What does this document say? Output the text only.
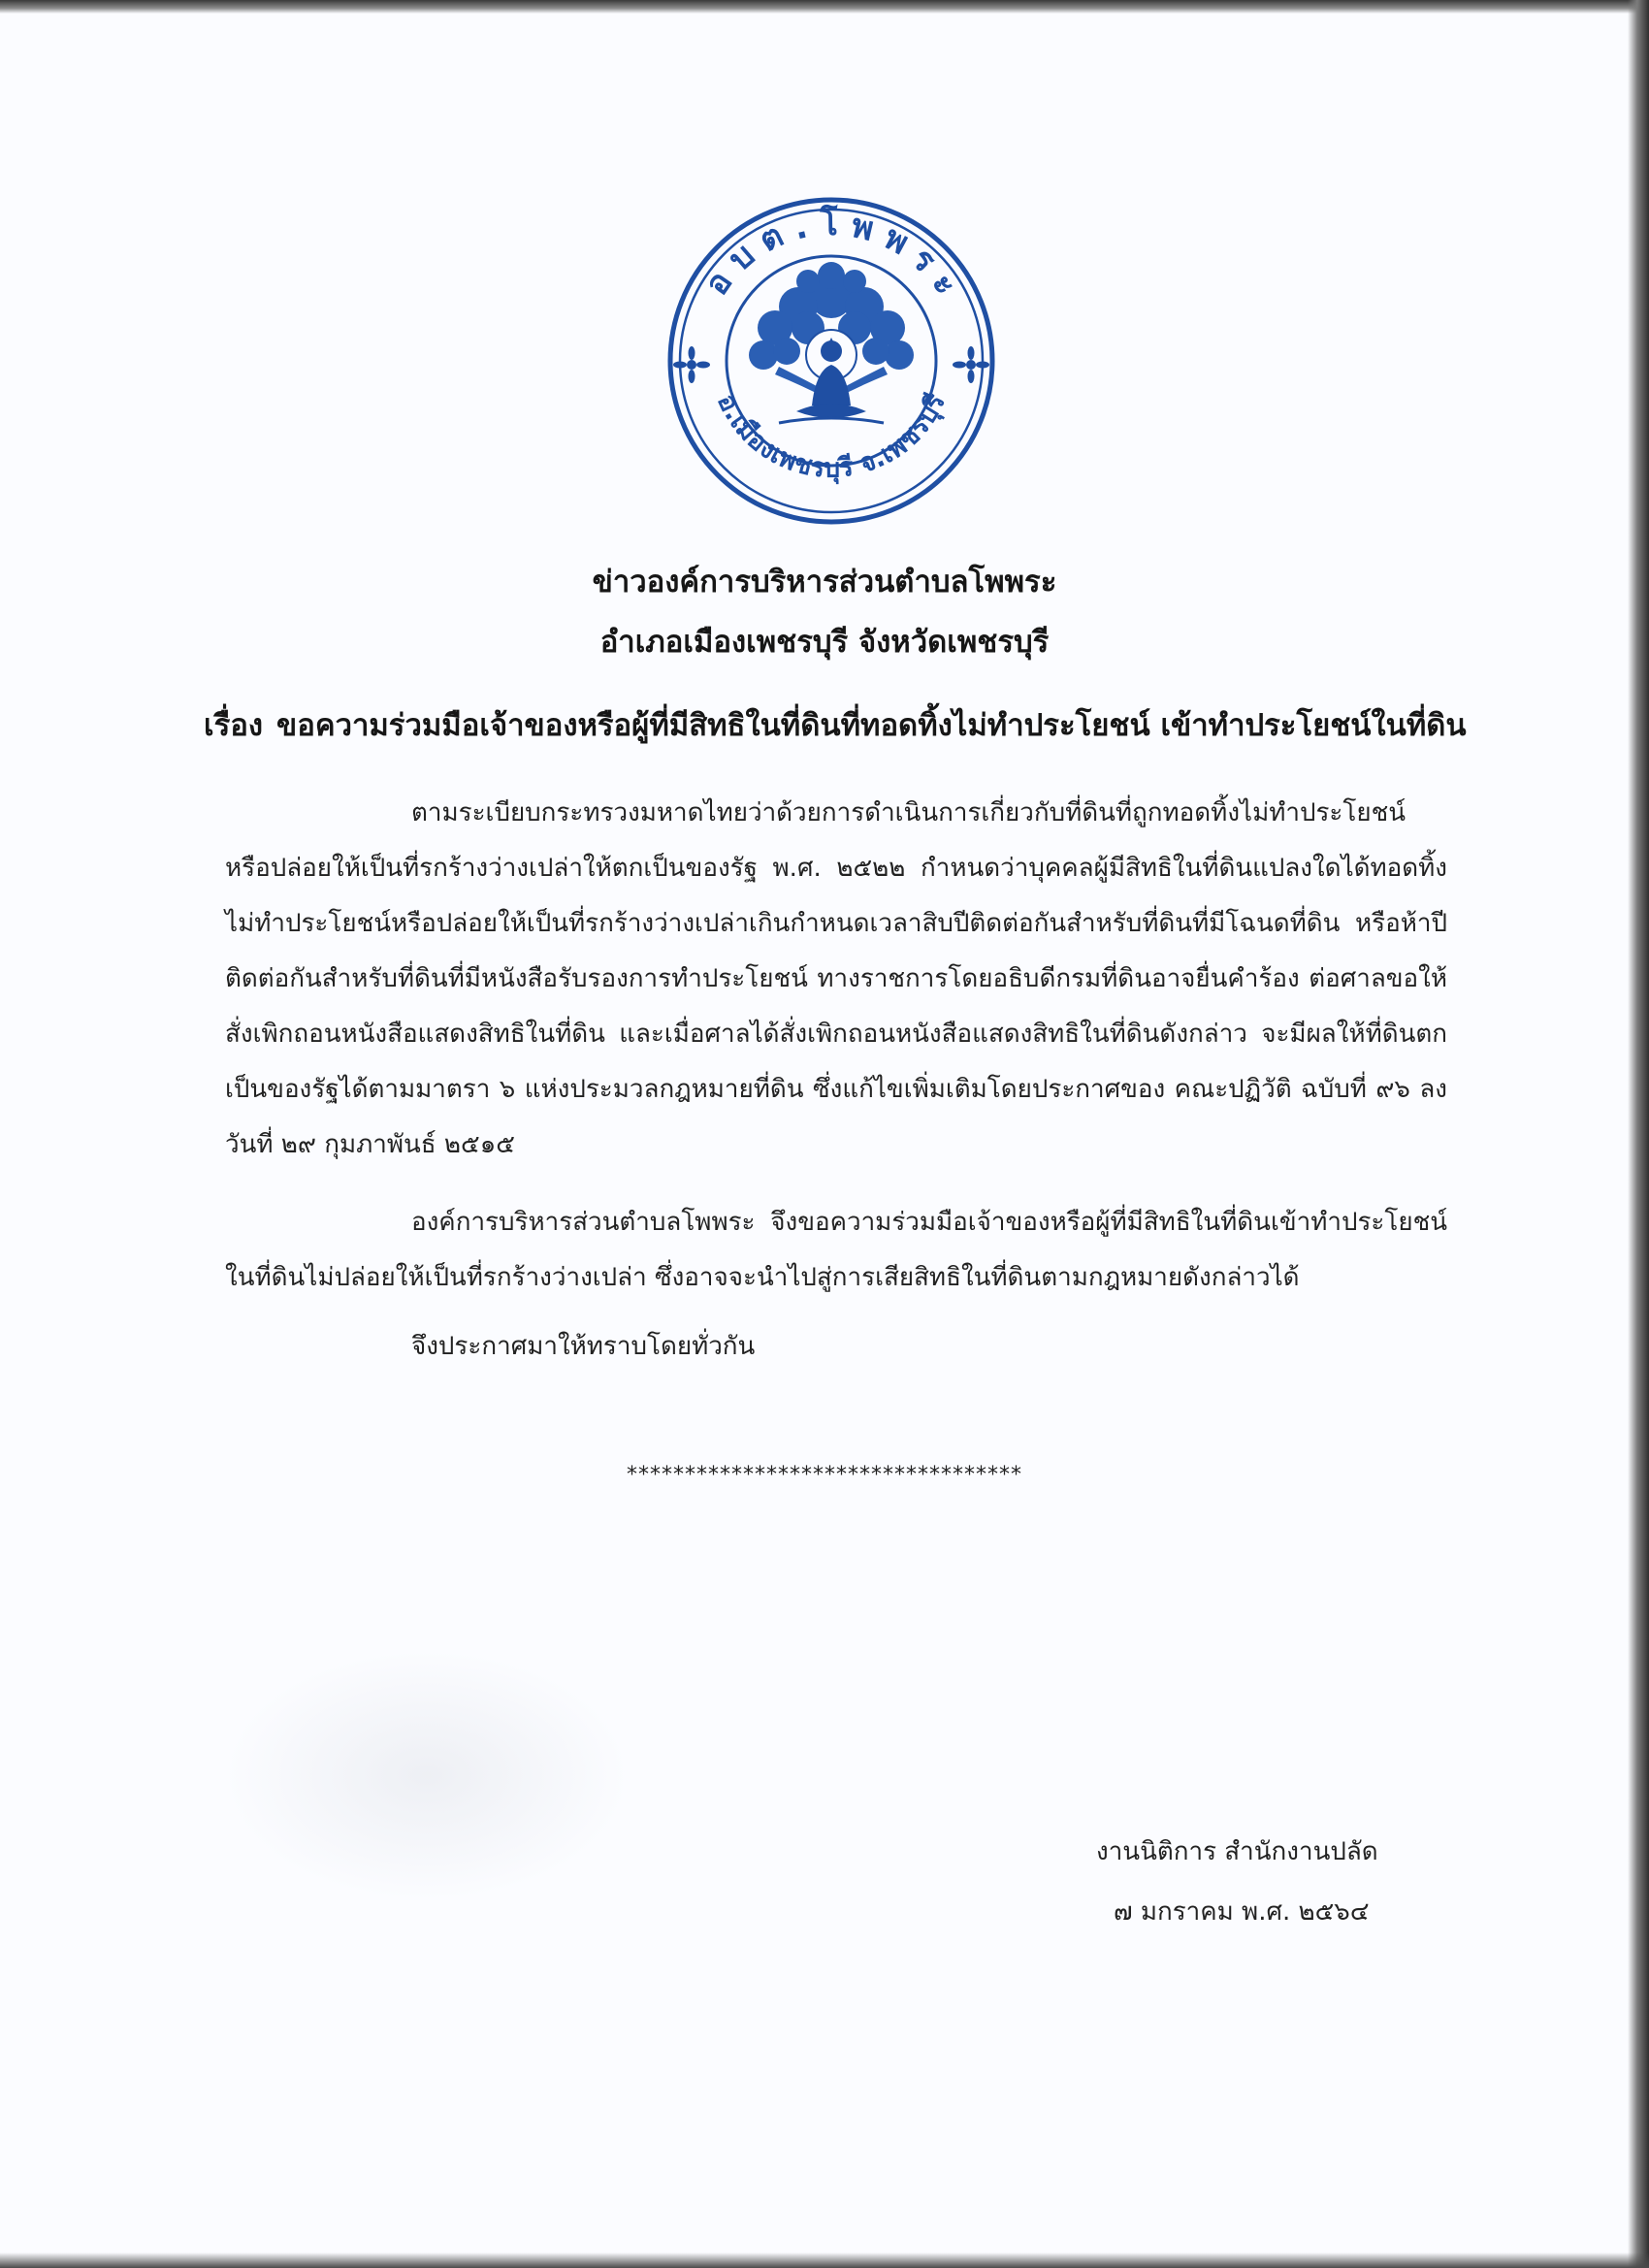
อ บ ต . โ พ พ ร ะ
อ.เมืองเพชรบุรี จ.เพชรบุรี
ข่าวองค์การบริหารส่วนตำบลโพพระ
อำเภอเมืองเพชรบุรี จังหวัดเพชรบุรี
เรื่อง ขอความร่วมมือเจ้าของหรือผู้ที่มีสิทธิในที่ดินที่ทอดทิ้งไม่ทำประโยชน์ เข้าทำประโยชน์ในที่ดิน
ตามระเบียบกระทรวงมหาดไทยว่าด้วยการดำเนินการเกี่ยวกับที่ดินที่ถูกทอดทิ้งไม่ทำประโยชน์ หรือปล่อยให้เป็นที่รกร้างว่างเปล่าให้ตกเป็นของรัฐ พ.ศ. ๒๕๒๒ กำหนดว่าบุคคลผู้มีสิทธิในที่ดินแปลงใดได้ทอดทิ้ง ไม่ทำประโยชน์หรือปล่อยให้เป็นที่รกร้างว่างเปล่าเกินกำหนดเวลาสิบปีติดต่อกันสำหรับที่ดินที่มีโฉนดที่ดิน หรือห้าปีติดต่อกันสำหรับที่ดินที่มีหนังสือรับรองการทำประโยชน์ ทางราชการโดยอธิบดีกรมที่ดินอาจยื่นคำร้อง ต่อศาลขอให้สั่งเพิกถอนหนังสือแสดงสิทธิในที่ดิน และเมื่อศาลได้สั่งเพิกถอนหนังสือแสดงสิทธิในที่ดินดังกล่าว จะมีผลให้ที่ดินตกเป็นของรัฐได้ตามมาตรา ๖ แห่งประมวลกฎหมายที่ดิน ซึ่งแก้ไขเพิ่มเติมโดยประกาศของ คณะปฏิวัติ ฉบับที่ ๙๖ ลงวันที่ ๒๙ กุมภาพันธ์ ๒๕๑๕
องค์การบริหารส่วนตำบลโพพระ จึงขอความร่วมมือเจ้าของหรือผู้ที่มีสิทธิในที่ดินเข้าทำประโยชน์ ในที่ดินไม่ปล่อยให้เป็นที่รกร้างว่างเปล่า ซึ่งอาจจะนำไปสู่การเสียสิทธิในที่ดินตามกฎหมายดังกล่าวได้
จึงประกาศมาให้ทราบโดยทั่วกัน
**********************************
งานนิติการ สำนักงานปลัด
๗ มกราคม พ.ศ. ๒๕๖๔
